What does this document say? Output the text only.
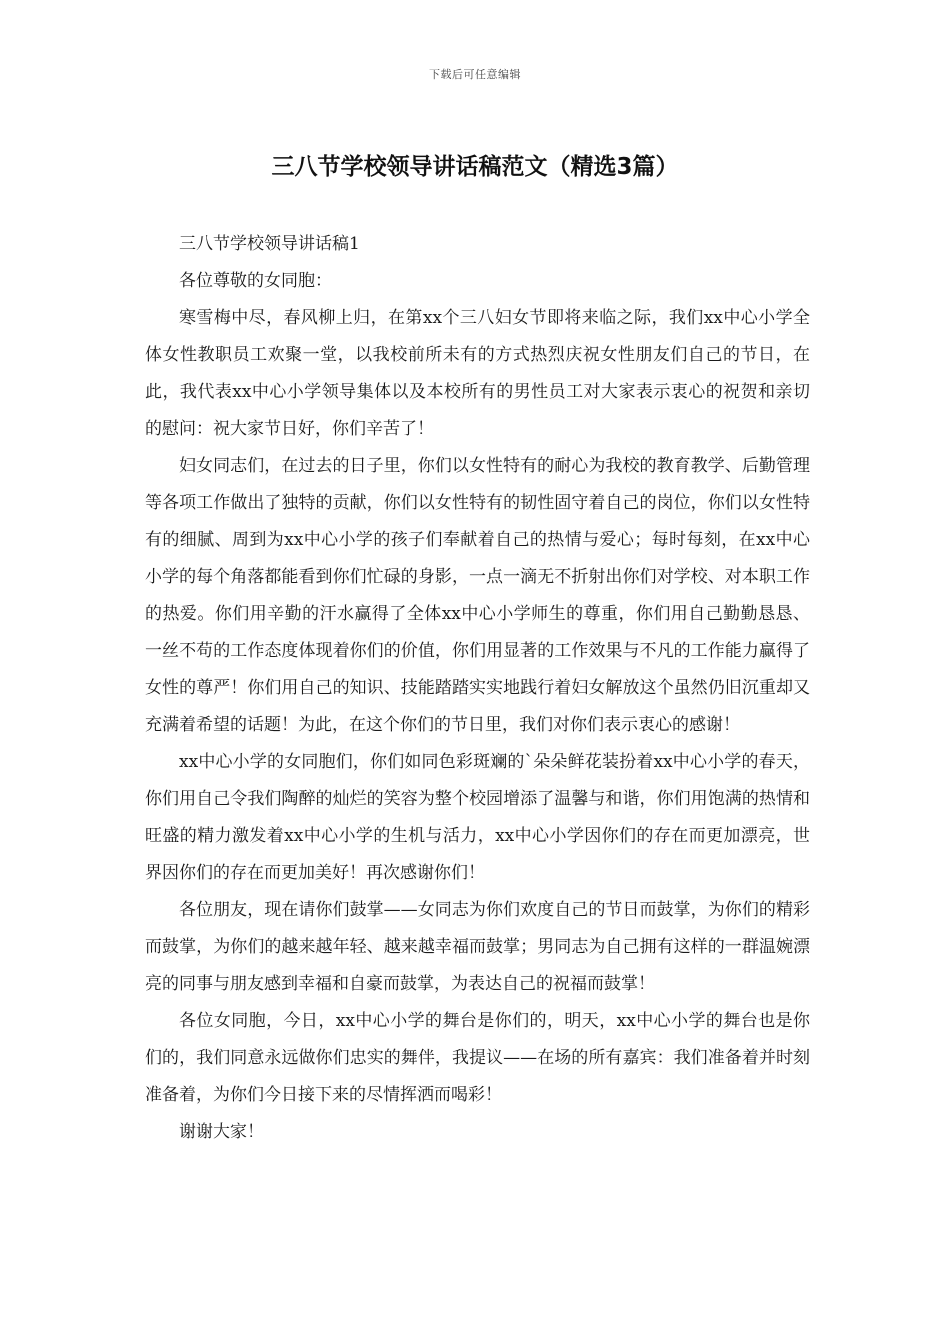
下载后可任意编辑
三八节学校领导讲话稿范文（精选3篇）

三八节学校领导讲话稿1

各位尊敬的女同胞：

寒雪梅中尽，春风柳上归，在第xx个三八妇女节即将来临之际，我们xx中心小学全体女性教职员工欢聚一堂，以我校前所未有的方式热烈庆祝女性朋友们自己的节日，在此，我代表xx中心小学领导集体以及本校所有的男性员工对大家表示衷心的祝贺和亲切的慰问：祝大家节日好，你们辛苦了！

妇女同志们，在过去的日子里，你们以女性特有的耐心为我校的教育教学、后勤管理等各项工作做出了独特的贡献，你们以女性特有的韧性固守着自己的岗位，你们以女性特有的细腻、周到为xx中心小学的孩子们奉献着自己的热情与爱心；每时每刻，在xx中心小学的每个角落都能看到你们忙碌的身影，一点一滴无不折射出你们对学校、对本职工作的热爱。你们用辛勤的汗水赢得了全体xx中心小学师生的尊重，你们用自己勤勤恳恳、一丝不苟的工作态度体现着你们的价值，你们用显著的工作效果与不凡的工作能力赢得了女性的尊严！你们用自己的知识、技能踏踏实实地践行着妇女解放这个虽然仍旧沉重却又充满着希望的话题！为此，在这个你们的节日里，我们对你们表示衷心的感谢！

xx中心小学的女同胞们，你们如同色彩斑斓的`朵朵鲜花装扮着xx中心小学的春天，你们用自己令我们陶醉的灿烂的笑容为整个校园增添了温馨与和谐，你们用饱满的热情和旺盛的精力激发着xx中心小学的生机与活力，xx中心小学因你们的存在而更加漂亮，世界因你们的存在而更加美好！再次感谢你们！

各位朋友，现在请你们鼓掌——女同志为你们欢度自己的节日而鼓掌，为你们的精彩而鼓掌，为你们的越来越年轻、越来越幸福而鼓掌；男同志为自己拥有这样的一群温婉漂亮的同事与朋友感到幸福和自豪而鼓掌，为表达自己的祝福而鼓掌！

各位女同胞，今日，xx中心小学的舞台是你们的，明天，xx中心小学的舞台也是你们的，我们同意永远做你们忠实的舞伴，我提议——在场的所有嘉宾：我们准备着并时刻准备着，为你们今日接下来的尽情挥洒而喝彩！

谢谢大家！
